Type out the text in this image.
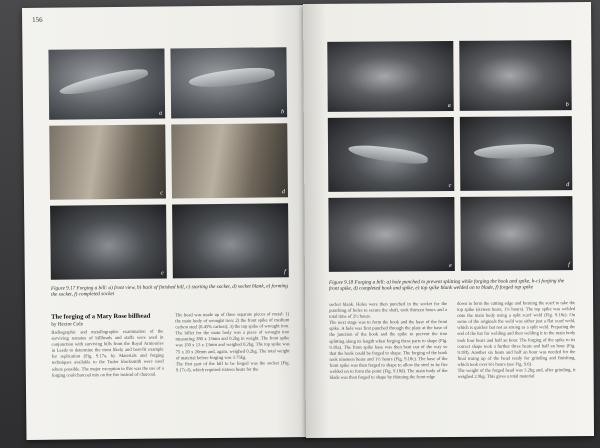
156
a	b
c	d
e	f
Figure 9.17 Forging a bill: a) front view, b) back of finished bill, c) starting the socket, d) socket blank, e) forming the socket, f) completed socket
The forging of a Mary Rose billhead
by Hector Cole
Radiographic and metallographic examination of the surviving remains of billheads and staffs were used in conjunction with surviving bills from the Royal Armouries in Leeds to determine the most likely and best-fit example for replication (Fig. 9.17a, b). Materials and forging techniques available to the Tudor blacksmith were used where possible. The major exception to this was the use of a forging coal/charcoal mix on the fire instead of charcoal.
The head was made up of three separate pieces of metal: 1) the main body of wrought iron; 2) the front spike of medium carbon steel (0.45% carbon); 3) the top spike of wrought iron. The billet for the main body was a piece of wrought iron measuring 380 x 13mm and 0.2kg in weight. The front spike was 150 x 13 x 13mm and weighed 0.2kg. The top spike was 75 x 20 x 20mm and, again, weighed 0.2kg. The total weight of material before forging was 3.75kg.
The first part of the bill to be forged was the socket (Fig. 9.17c-f), which required sixteen heats for the
a	b
c	d
e	f
Figure 9.18 Forging a bill: a) hole punched to prevent splitting while forging the hook and spike, b-c) forging the front spike, d) completed hook and spike, e) top spike blank welded on to blade, f) forged top spike
socket blank. Holes were then punched in the socket for the punching of holes to secure the shaft, took thirteen hours and a total time of 2½ hours.
The next stage was to form the hook and the base of the front spike. A hole was first punched through the plate at the base of the junction of the hook and the spike to prevent the iron splitting along its length when forging these parts to shape (Fig. 9.18a). The front spike base was then bent out of the way so that the hook could be forged to shape. The forging of the hook took nineteen heats and 1½ hours (Fig. 9.18c). The base of the front spike was then forged to shape to allow the steel to be fire welded on to form the point (Fig. 9.18d). The main body of the blade was then forged to shape by thinning the front edge
down to form the cutting edge and forming the scarf to take the top spike (sixteen heats, 1½ hours). The top spike was welded onto the main body using a split scarf weld (Fig. 9.18e). On some of the originals the weld was either just a flat scarf weld, which is quicker but not as strong as a split weld. Preparing the end of the bar for welding and then welding it to the main body took four heats and half an hour. The forging of the spike to its correct shape took a further three heats and half an hour (Fig. 9.18f). Another six heats and half an hour was needed for the final truing up of the head ready for grinding and finishing, which took over 6½ hours (see Fig. 9.6).
The weight of the forged head was 3.2kg and, after grinding, it weighed 2.9kg. This gives a total material
